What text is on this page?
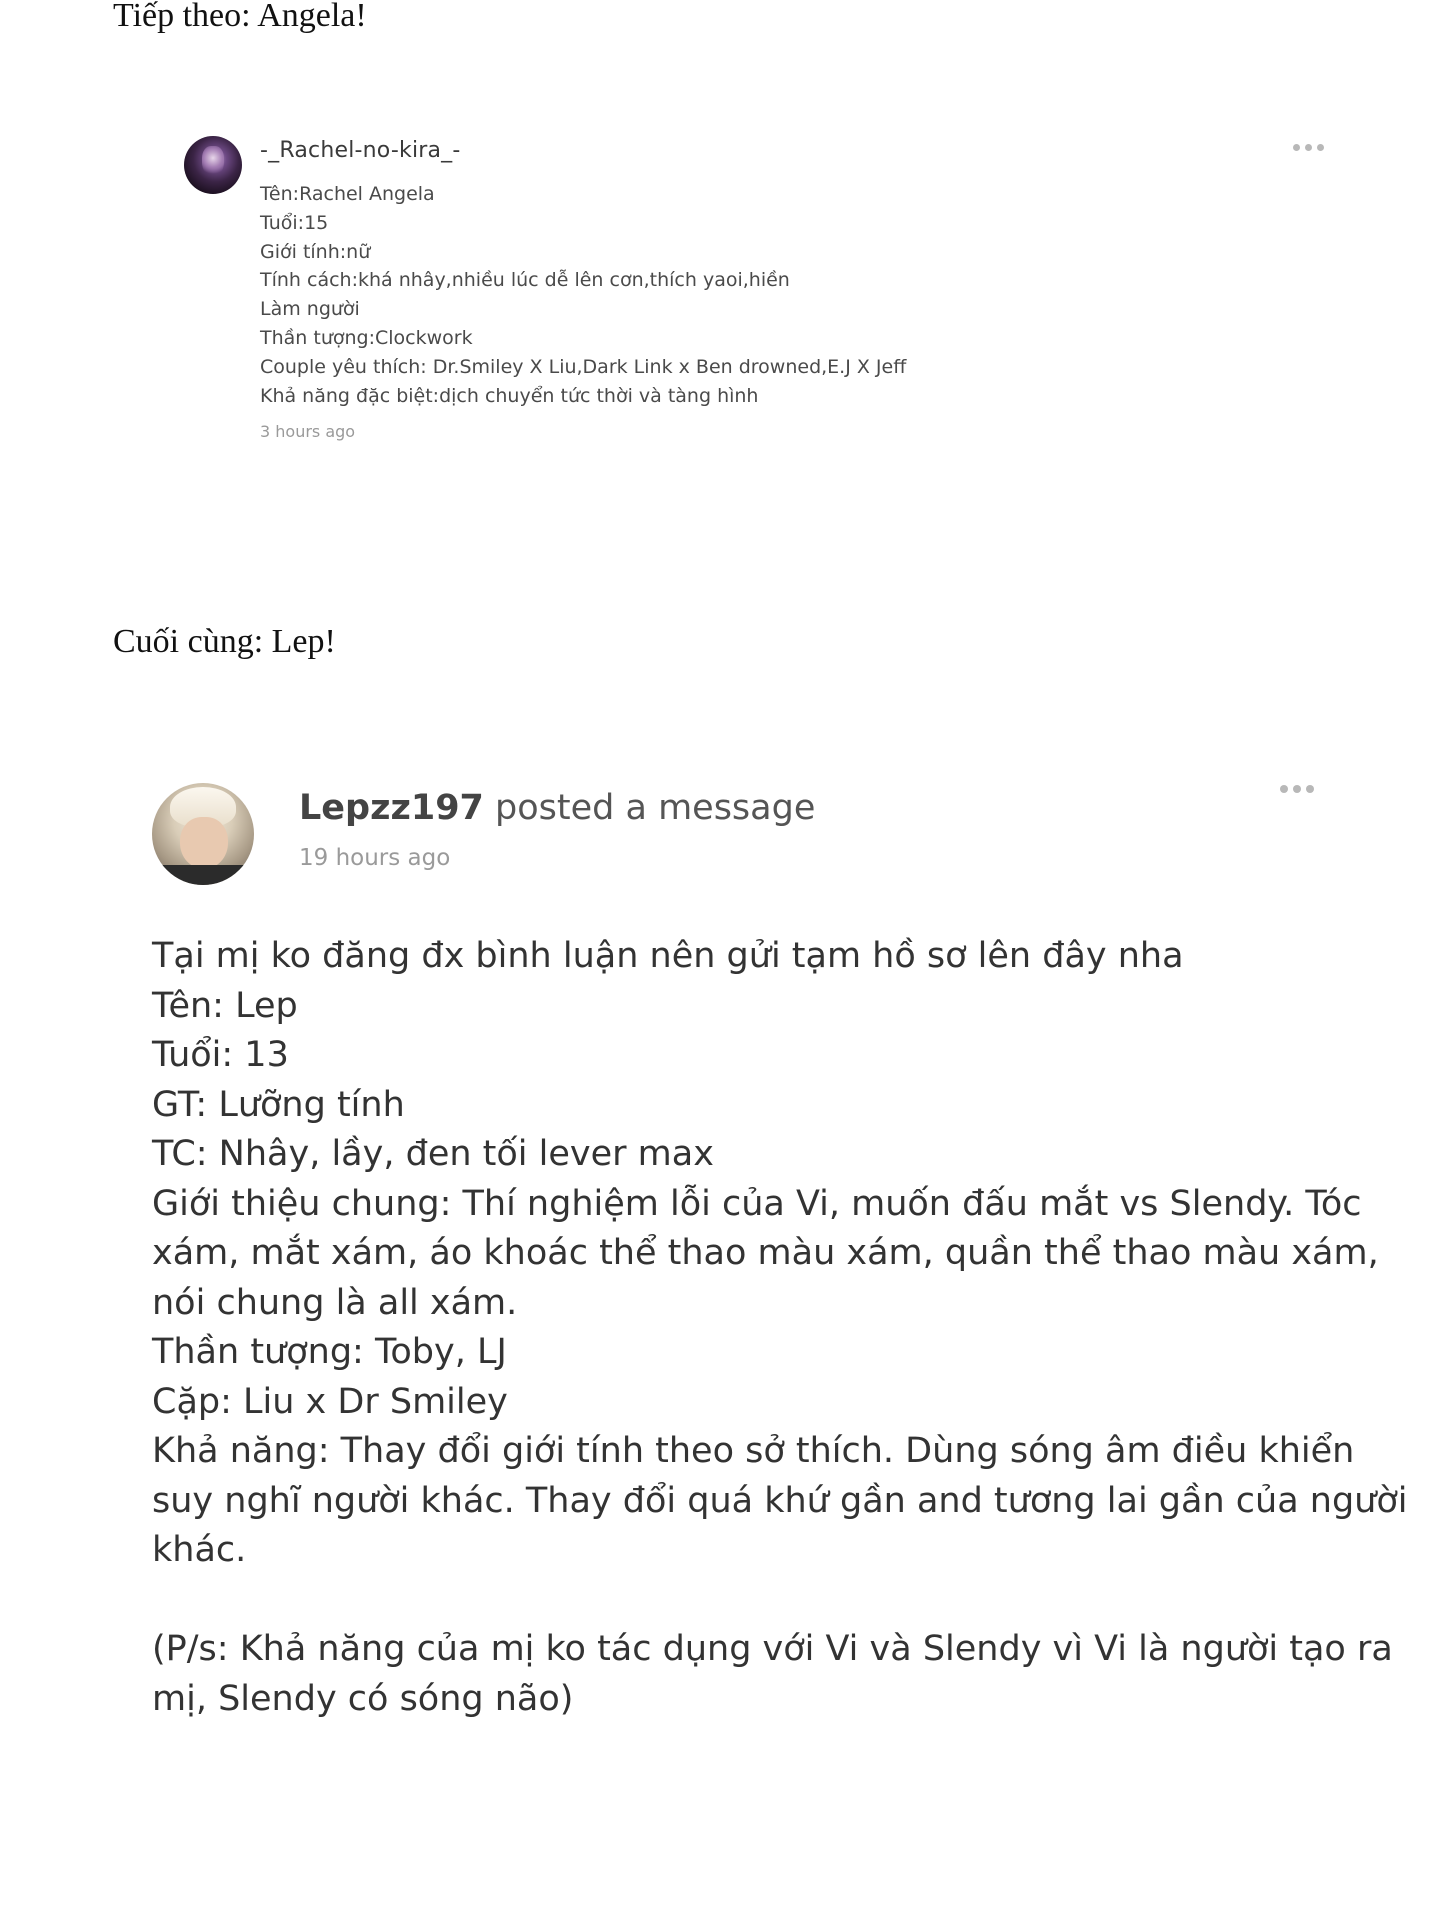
Tiếp theo: Angela!
-_Rachel-no-kira_-
Tên:Rachel Angela
Tuổi:15
Giới tính:nữ
Tính cách:khá nhây,nhiều lúc dễ lên cơn,thích yaoi,hiền
Làm người
Thần tượng:Clockwork
Couple yêu thích: Dr.Smiley X Liu,Dark Link x Ben drowned,E.J X Jeff
Khả năng đặc biệt:dịch chuyển tức thời và tàng hình
3 hours ago
Cuối cùng: Lep!
Lepzz197 posted a message
19 hours ago
Tại mị ko đăng đx bình luận nên gửi tạm hồ sơ lên đây nha
Tên: Lep
Tuổi: 13
GT: Lưỡng tính
TC: Nhây, lầy, đen tối lever max
Giới thiệu chung: Thí nghiệm lỗi của Vi, muốn đấu mắt vs Slendy. Tóc
xám, mắt xám, áo khoác thể thao màu xám, quần thể thao màu xám,
nói chung là all xám.
Thần tượng: Toby, LJ
Cặp: Liu x Dr Smiley
Khả năng: Thay đổi giới tính theo sở thích. Dùng sóng âm điều khiển
suy nghĩ người khác. Thay đổi quá khứ gần and tương lai gần của người
khác.
(P/s: Khả năng của mị ko tác dụng với Vi và Slendy vì Vi là người tạo ra
mị, Slendy có sóng não)
